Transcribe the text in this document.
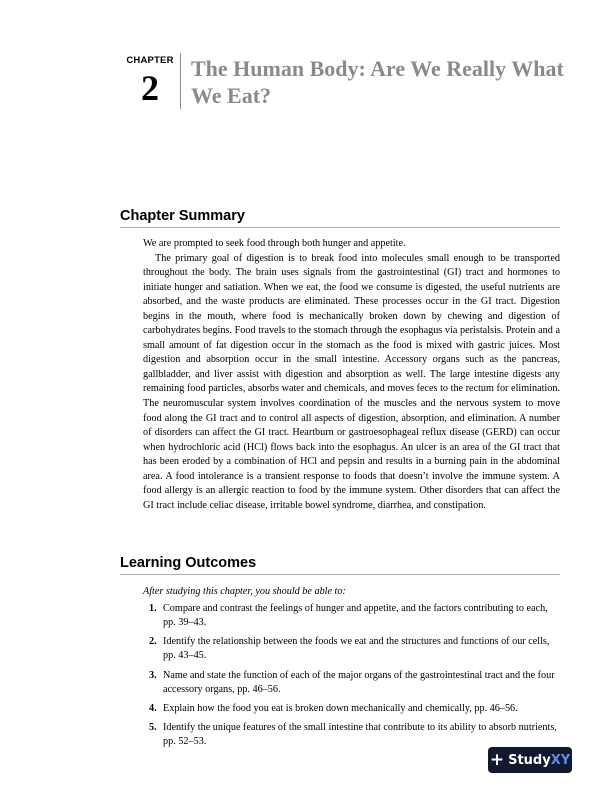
CHAPTER
2	The Human Body: Are We Really What We Eat?
Chapter Summary

We are prompted to seek food through both hunger and appetite.

The primary goal of digestion is to break food into molecules small enough to be transported throughout the body. The brain uses signals from the gastrointestinal (GI) tract and hormones to initiate hunger and satiation. When we eat, the food we consume is digested, the useful nutrients are absorbed, and the waste products are eliminated. These processes occur in the GI tract. Digestion begins in the mouth, where food is mechanically broken down by chewing and digestion of carbohydrates begins. Food travels to the stomach through the esophagus via peristalsis. Protein and a small amount of fat digestion occur in the stomach as the food is mixed with gastric juices. Most digestion and absorption occur in the small intestine. Accessory organs such as the pancreas, gallbladder, and liver assist with digestion and absorption as well. The large intestine digests any remaining food particles, absorbs water and chemicals, and moves feces to the rectum for elimination. The neuromuscular system involves coordination of the muscles and the nervous system to move food along the GI tract and to control all aspects of digestion, absorption, and elimination. A number of disorders can affect the GI tract. Heartburn or gastroesophageal reflux disease (GERD) can occur when hydrochloric acid (HCl) flows back into the esophagus. An ulcer is an area of the GI tract that has been eroded by a combination of HCl and pepsin and results in a burning pain in the abdominal area. A food intolerance is a transient response to foods that doesn’t involve the immune system. A food allergy is an allergic reaction to food by the immune system. Other disorders that can affect the GI tract include celiac disease, irritable bowel syndrome, diarrhea, and constipation.

Learning Outcomes
After studying this chapter, you should be able to:
1. Compare and contrast the feelings of hunger and appetite, and the factors contributing to each, pp. 39–43.
2. Identify the relationship between the foods we eat and the structures and functions of our cells, pp. 43–45.
3. Name and state the function of each of the major organs of the gastrointestinal tract and the four accessory organs, pp. 46–56.
4. Explain how the food you eat is broken down mechanically and chemically, pp. 46–56.
5. Identify the unique features of the small intestine that contribute to its ability to absorb nutrients, pp. 52–53.
+ StudyXY
